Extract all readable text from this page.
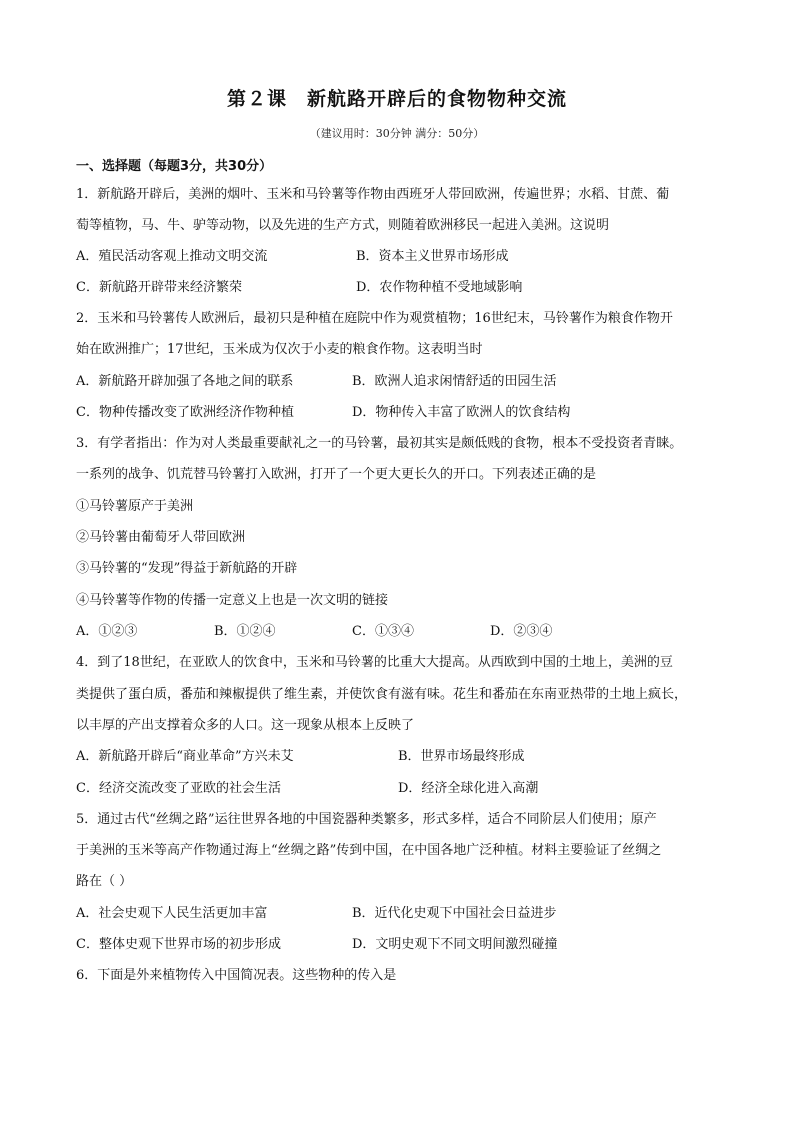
第２课　新航路开辟后的食物物种交流
（建议用时：30分钟 满分：50分）
一、选择题（每题3分，共30分）
1．新航路开辟后，美洲的烟叶、玉米和马铃薯等作物由西班牙人带回欧洲，传遍世界；水稻、甘蔗、葡
萄等植物，马、牛、驴等动物，以及先进的生产方式，则随着欧洲移民一起进入美洲。这说明
A．殖民活动客观上推动文明交流	B．资本主义世界市场形成
C．新航路开辟带来经济繁荣	D．农作物种植不受地域影响
2．玉米和马铃薯传人欧洲后，最初只是种植在庭院中作为观赏植物；16世纪末，马铃薯作为粮食作物开
始在欧洲推广；17世纪，玉米成为仅次于小麦的粮食作物。这表明当时
A．新航路开辟加强了各地之间的联系	B．欧洲人追求闲情舒适的田园生活
C．物种传播改变了欧洲经济作物种植	D．物种传入丰富了欧洲人的饮食结构
3．有学者指出：作为对人类最重要献礼之一的马铃薯，最初其实是颇低贱的食物，根本不受投资者青睐。
一系列的战争、饥荒替马铃薯打入欧洲，打开了一个更大更长久的开口。下列表述正确的是
①马铃薯原产于美洲
②马铃薯由葡萄牙人带回欧洲
③马铃薯的“发现”得益于新航路的开辟
④马铃薯等作物的传播一定意义上也是一次文明的链接
A．①②③	B．①②④	C．①③④	D．②③④
4．到了18世纪，在亚欧人的饮食中，玉米和马铃薯的比重大大提高。从西欧到中国的土地上，美洲的豆
类提供了蛋白质，番茄和辣椒提供了维生素，并使饮食有滋有味。花生和番茄在东南亚热带的土地上疯长，
以丰厚的产出支撑着众多的人口。这一现象从根本上反映了
A．新航路开辟后“商业革命”方兴未艾	B．世界市场最终形成
C．经济交流改变了亚欧的社会生活	D．经济全球化进入高潮
5．通过古代“丝绸之路”运往世界各地的中国瓷器种类繁多，形式多样，适合不同阶层人们使用；原产
于美洲的玉米等高产作物通过海上“丝绸之路”传到中国，在中国各地广泛种植。材料主要验证了丝绸之
路在（ ）
A．社会史观下人民生活更加丰富	B．近代化史观下中国社会日益进步
C．整体史观下世界市场的初步形成	D．文明史观下不同文明间激烈碰撞
6．下面是外来植物传入中国简况表。这些物种的传入是
